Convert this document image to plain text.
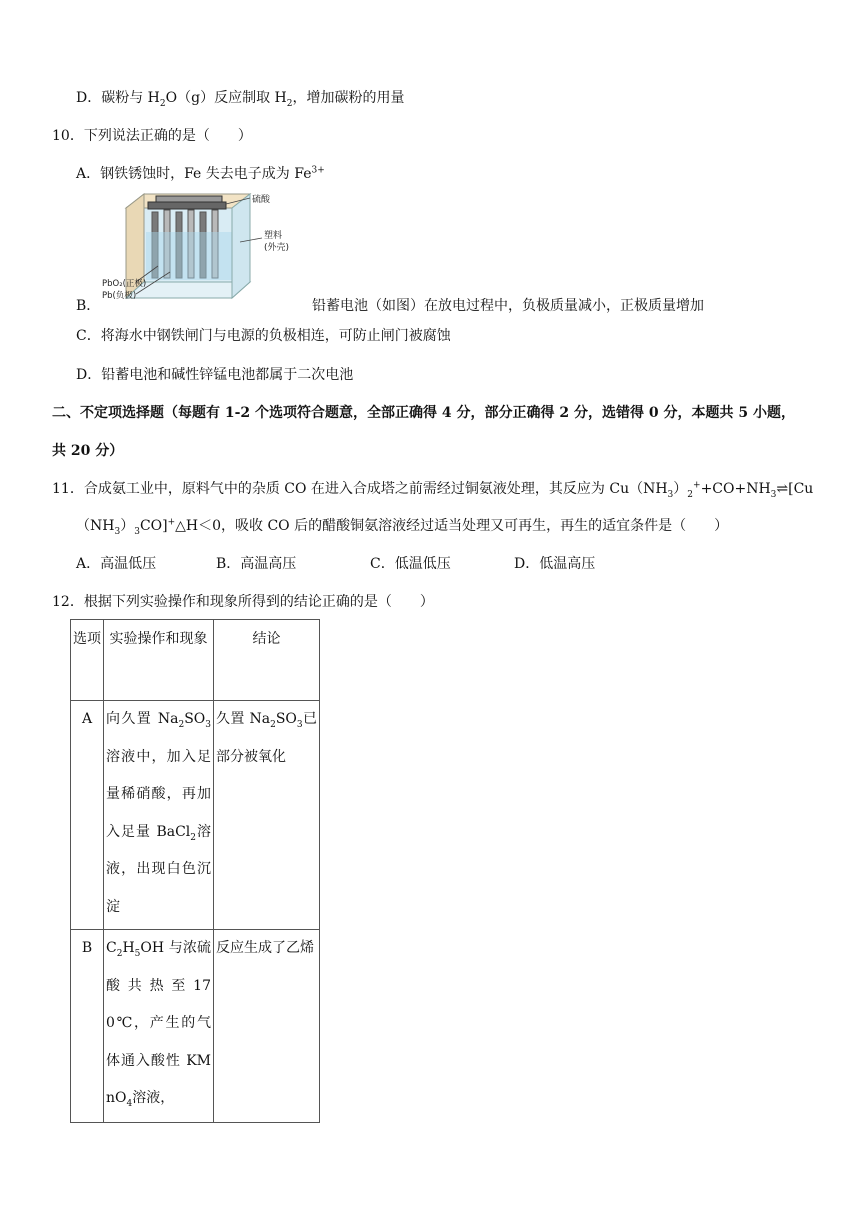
D．碳粉与 $H_2O(g)$反应制取 $H_2$，增加碳粉的用量
10．下列说法正确的是（　　）
A．钢铁锈蚀时，Fe 失去电子成为 $Fe^{3+}$
硫酸
塑料
(外壳)
PbO₂(正极)
Pb(负极)
B．	铅蓄电池（如图）在放电过程中，负极质量减小，正极质量增加
C．将海水中钢铁闸门与电源的负极相连，可防止闸门被腐蚀
D．铅蓄电池和碱性锌锰电池都属于二次电池
二、不定项选择题（每题有 1-2 个选项符合题意，全部正确得 4 分，部分正确得 2 分，选错得 0 分，本题共 5 小题，
共 20 分）
11．合成氨工业中，原料气中的杂质 CO 在进入合成塔之前需经过铜氨液处理，其反应为 $Cu(NH_3)_2^++CO+NH_3\rightleftharpoons[Cu$
$(NH_3)_3CO]^+\triangle H<0$，吸收 CO 后的醋酸铜氨溶液经过适当处理又可再生，再生的适宜条件是（　　）
A．高温低压	B．高温高压	C．低温低压	D．低温高压
12．根据下列实验操作和现象所得到的结论正确的是（　　）
选项	实验操作和现象	结论
A	向久置 $Na_2SO_3$溶液中，加入足量稀硝酸，再加入足量 BaCl$_2$溶液，出现白色沉淀	久置 $Na_2SO_3$已部分被氧化
B	$C_2H_5OH$ 与浓硫酸共热至170℃，产生的气体通入酸性 KMnO$_4$溶液，	反应生成了乙烯
